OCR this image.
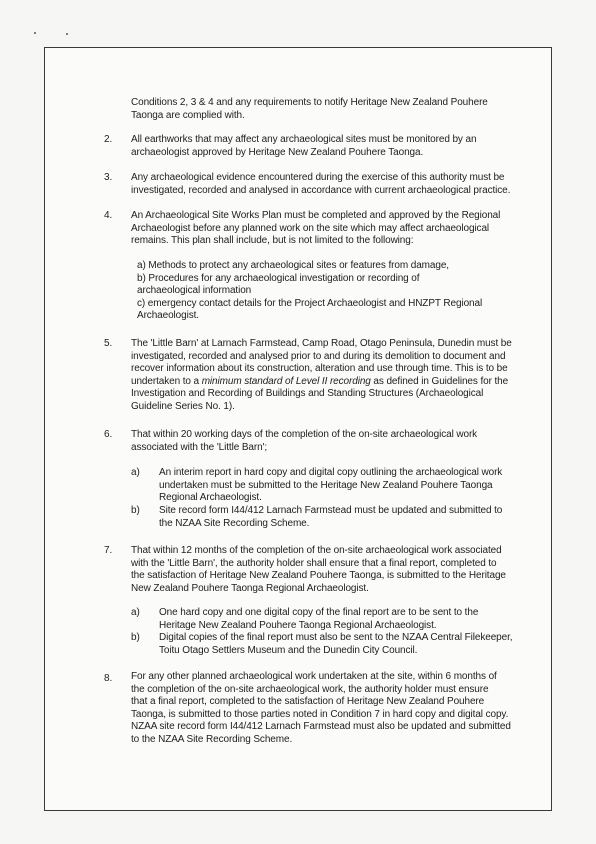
Conditions 2, 3 & 4 and any requirements to notify Heritage New Zealand Pouhere
Taonga are complied with.
2. All earthworks that may affect any archaeological sites must be monitored by an
archaeologist approved by Heritage New Zealand Pouhere Taonga.
3. Any archaeological evidence encountered during the exercise of this authority must be
investigated, recorded and analysed in accordance with current archaeological practice.
4. An Archaeological Site Works Plan must be completed and approved by the Regional
Archaeologist before any planned work on the site which may affect archaeological
remains. This plan shall include, but is not limited to the following:
a) Methods to protect any archaeological sites or features from damage,
b) Procedures for any archaeological investigation or recording of
archaeological information
c) emergency contact details for the Project Archaeologist and HNZPT Regional
Archaeologist.
5. The 'Little Barn' at Larnach Farmstead, Camp Road, Otago Peninsula, Dunedin must be
investigated, recorded and analysed prior to and during its demolition to document and
recover information about its construction, alteration and use through time. This is to be
undertaken to a minimum standard of Level II recording as defined in Guidelines for the
Investigation and Recording of Buildings and Standing Structures (Archaeological
Guideline Series No. 1).
6. That within 20 working days of the completion of the on-site archaeological work
associated with the 'Little Barn';
a) An interim report in hard copy and digital copy outlining the archaeological work
undertaken must be submitted to the Heritage New Zealand Pouhere Taonga
Regional Archaeologist.
b) Site record form I44/412 Larnach Farmstead must be updated and submitted to
the NZAA Site Recording Scheme.
7. That within 12 months of the completion of the on-site archaeological work associated
with the 'Little Barn', the authority holder shall ensure that a final report, completed to
the satisfaction of Heritage New Zealand Pouhere Taonga, is submitted to the Heritage
New Zealand Pouhere Taonga Regional Archaeologist.
a) One hard copy and one digital copy of the final report are to be sent to the
Heritage New Zealand Pouhere Taonga Regional Archaeologist.
b) Digital copies of the final report must also be sent to the NZAA Central Filekeeper,
Toitu Otago Settlers Museum and the Dunedin City Council.
8. For any other planned archaeological work undertaken at the site, within 6 months of
the completion of the on-site archaeological work, the authority holder must ensure
that a final report, completed to the satisfaction of Heritage New Zealand Pouhere
Taonga, is submitted to those parties noted in Condition 7 in hard copy and digital copy.
NZAA site record form I44/412 Larnach Farmstead must also be updated and submitted
to the NZAA Site Recording Scheme.
